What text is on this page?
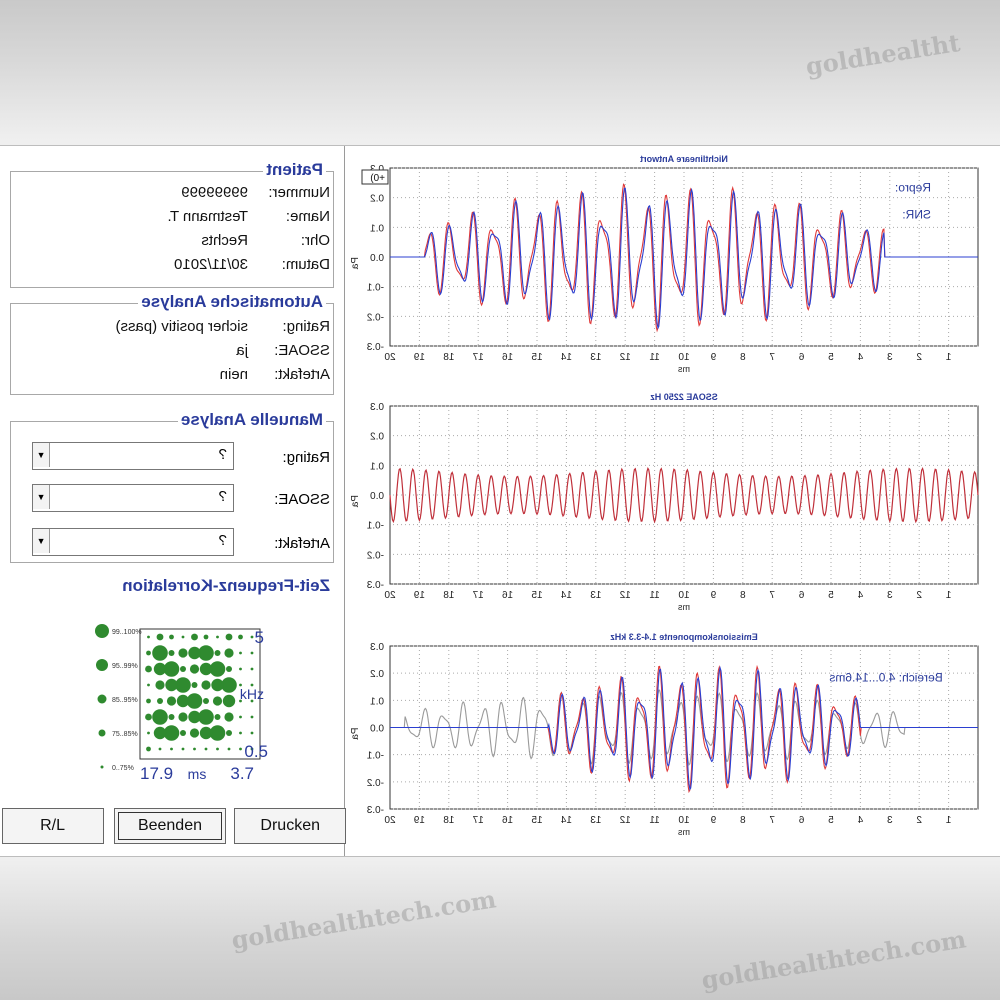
goldhealtht
goldhealthtech.com
goldhealthtech.com
Nichtlineare Antwort
1
2
3
4
5
6
7
8
9
10
11
12
13
14
15
16
17
18
19
20
ms
0.2
0.1
0.0
-0.1
-0.2
-0.3
Pa
Repro:
SNR:
+0)
SSOAE 2250 Hz
1
2
3
4
5
6
7
8
9
10
11
12
13
14
15
16
17
18
19
20
ms
0.3
0.2
0.1
0.0
-0.1
-0.2
-0.3
Pa
Emissionskomponente 1.4-3.3 kHz
1
2
3
4
5
6
7
8
9
10
11
12
13
14
15
16
17
18
19
20
ms
0.3
0.2
0.1
0.0
-0.1
-0.2
-0.3
Pa
Bereich: 4.0...14.6ms
Patient
Nummer:
99999999
Name:
Testmann T.
Ohr:
Rechts
Datum:
30/11/2010
Automatische Analyse
Rating:
sicher positiv (pass)
SSOAE:
ja
Artefakt:
nein
Manuelle Analyse
Rating:
?
▼
SSOAE:
?
▼
Artefakt:
?
▼
Zeit-Frequenz-Korrelation
99..100%
95..99%
85..95%
75..85%
0..75%
5
kHz
0.5
17.9 ms 3.7
R/L	Beenden	Drucken
